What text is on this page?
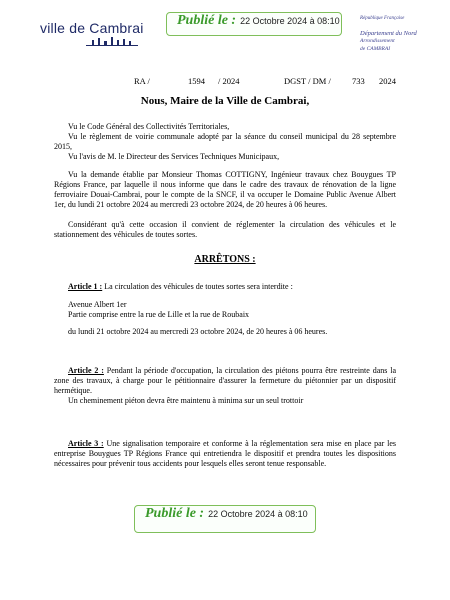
ville de Cambrai Publié le : 22 Octobre 2024 à 08:10	République Française
Département du Nord
Arrondissement
de CAMBRAI
RA /	1594 / 2024	DGST / DM / 733 2024
Nous, Maire de la Ville de Cambrai,

Vu le Code Général des Collectivités Territoriales,

Vu le règlement de voirie communale adopté par la séance du conseil municipal du 28 septembre 2015,

Vu l'avis de M. le Directeur des Services Techniques Municipaux,

Vu la demande établie par Monsieur Thomas COTTIGNY, Ingénieur travaux chez Bouygues TP Régions France, par laquelle il nous informe que dans le cadre des travaux de rénovation de la ligne ferroviaire Douai-Cambrai, pour le compte de la SNCF, il va occuper le Domaine Public Avenue Albert 1er, du lundi 21 octobre 2024 au mercredi 23 octobre 2024, de 20 heures à 06 heures.

Considérant qu'à cette occasion il convient de réglementer la circulation des véhicules et le stationnement des véhicules de toutes sortes.

ARRÊTONS :

Article 1 : La circulation des véhicules de toutes sortes sera interdite :

Avenue Albert 1er

Partie comprise entre la rue de Lille et la rue de Roubaix

du lundi 21 octobre 2024 au mercredi 23 octobre 2024, de 20 heures à 06 heures.

Article 2 : Pendant la période d'occupation, la circulation des piétons pourra être restreinte dans la zone des travaux, à charge pour le pétitionnaire d'assurer la fermeture du piétonnier par un dispositif hermétique.

Un cheminement piéton devra être maintenu à minima sur un seul trottoir

Article 3 : Une signalisation temporaire et conforme à la réglementation sera mise en place par les entreprise Bouygues TP Régions France qui entretiendra le dispositif et prendra toutes les dispositions nécessaires pour prévenir tous accidents pour lesquels elles seront tenue responsable.

Publié le : 22 Octobre 2024 à 08:10
